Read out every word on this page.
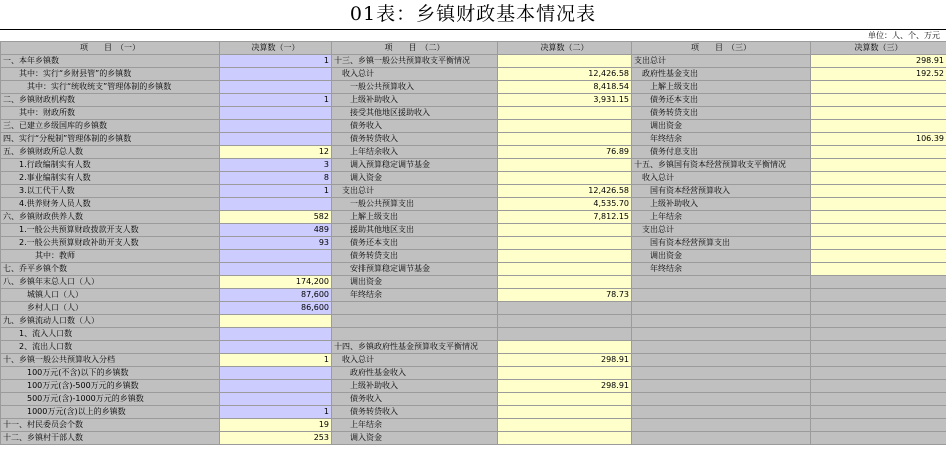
01表：乡镇财政基本情况表
单位：人、个、万元
项　　目　（一）	决算数（一）	项　　目　（二）	决算数（二）	项　　目　（三）	决算数（三）
一、本年乡镇数	1	十三、乡镇一般公共预算收支平衡情况		支出总计	298.91
　　其中：实行“乡财县管”的乡镇数		　收入总计	12,426.58	　政府性基金支出	192.52
　　　其中：实行“统收统支”管理体制的乡镇数		　　一般公共预算收入	8,418.54	　　上解上级支出	
二、乡镇财政机构数	1	　　上级补助收入	3,931.15	　　债务还本支出	
　　其中：财政所数		　　接受其他地区援助收入		　　债务转贷支出	
三、已建立乡级国库的乡镇数		　　债务收入		　　调出资金	
四、实行“分税制”管理体制的乡镇数		　　债务转贷收入		　　年终结余	106.39
五、乡镇财政所总人数	12	　　上年结余收入	76.89	　　债务付息支出	
　　1.行政编制实有人数	3	　　调入预算稳定调节基金		十五、乡镇国有资本经营预算收支平衡情况	
　　2.事业编制实有人数	8	　　调入资金		　收入总计	
　　3.以工代干人数	1	　支出总计	12,426.58	　　国有资本经营预算收入	
　　4.供养财务人员人数		　　一般公共预算支出	4,535.70	　　上级补助收入	
六、乡镇财政供养人数	582	　　上解上级支出	7,812.15	　　上年结余	
　　1.一般公共预算财政拨款开支人数	489	　　援助其他地区支出		　支出总计	
　　2.一般公共预算财政补助开支人数	93	　　债务还本支出		　　国有资本经营预算支出	
　　　　其中：教师		　　债务转贷支出		　　调出资金	
七、乔平乡镇个数		　　安排预算稳定调节基金		　　年终结余	
八、乡镇年末总人口（人）	174,200	　　调出资金			
　　　城镇人口（人）	87,600	　　年终结余	78.73		
　　　乡村人口（人）	86,600				
九、乡镇流动人口数（人）					
　　1、流入人口数					
　　2、流出人口数		十四、乡镇政府性基金预算收支平衡情况			
十、乡镇一般公共预算收入分档	1	　收入总计	298.91		
　　　100万元(不含)以下的乡镇数		　　政府性基金收入			
　　　100万元(含)-500万元的乡镇数		　　上级补助收入	298.91		
　　　500万元(含)-1000万元的乡镇数		　　债务收入			
　　　1000万元(含)以上的乡镇数	1	　　债务转贷收入			
十一、村民委员会个数	19	　　上年结余			
十二、乡镇村干部人数	253	　　调入资金			
